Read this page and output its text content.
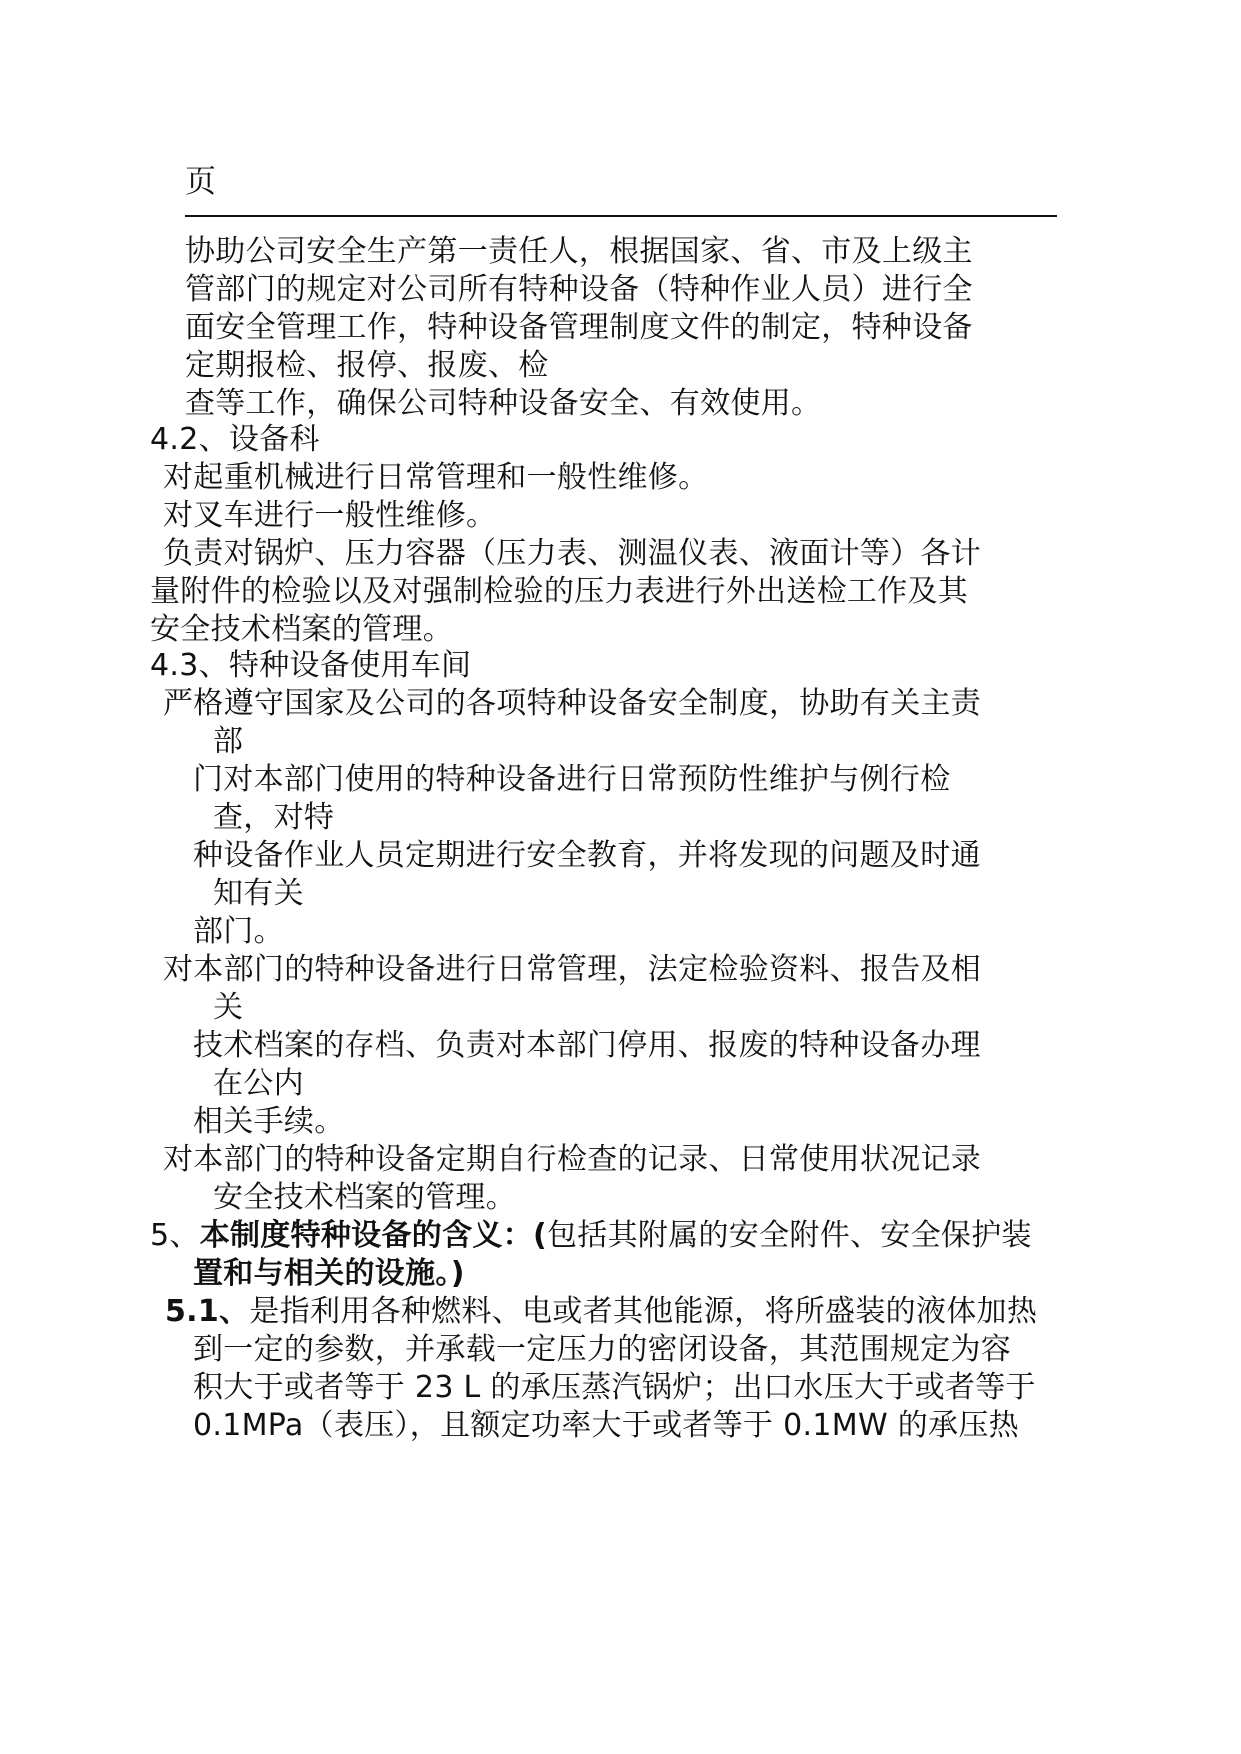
页
协助公司安全生产第一责任人，根据国家、省、市及上级主
管部门的规定对公司所有特种设备（特种作业人员）进行全
面安全管理工作，特种设备管理制度文件的制定，特种设备
定期报检、报停、报废、检
查等工作，确保公司特种设备安全、有效使用。
4.2、设备科
对起重机械进行日常管理和一般性维修。
对叉车进行一般性维修。
负责对锅炉、压力容器（压力表、测温仪表、液面计等）各计
量附件的检验以及对强制检验的压力表进行外出送检工作及其
安全技术档案的管理。
4.3、特种设备使用车间
严格遵守国家及公司的各项特种设备安全制度，协助有关主责
部
门对本部门使用的特种设备进行日常预防性维护与例行检
查，对特
种设备作业人员定期进行安全教育，并将发现的问题及时通
知有关
部门。
对本部门的特种设备进行日常管理，法定检验资料、报告及相
关
技术档案的存档、负责对本部门停用、报废的特种设备办理
在公内
相关手续。
对本部门的特种设备定期自行检查的记录、日常使用状况记录
安全技术档案的管理。
5、本制度特种设备的含义：(包括其附属的安全附件、安全保护装
置和与相关的设施。)
5.1、是指利用各种燃料、电或者其他能源，将所盛装的液体加热
到一定的参数，并承载一定压力的密闭设备，其范围规定为容
积大于或者等于 23 L 的承压蒸汽锅炉；出口水压大于或者等于
0.1MPa（表压），且额定功率大于或者等于 0.1MW 的承压热
